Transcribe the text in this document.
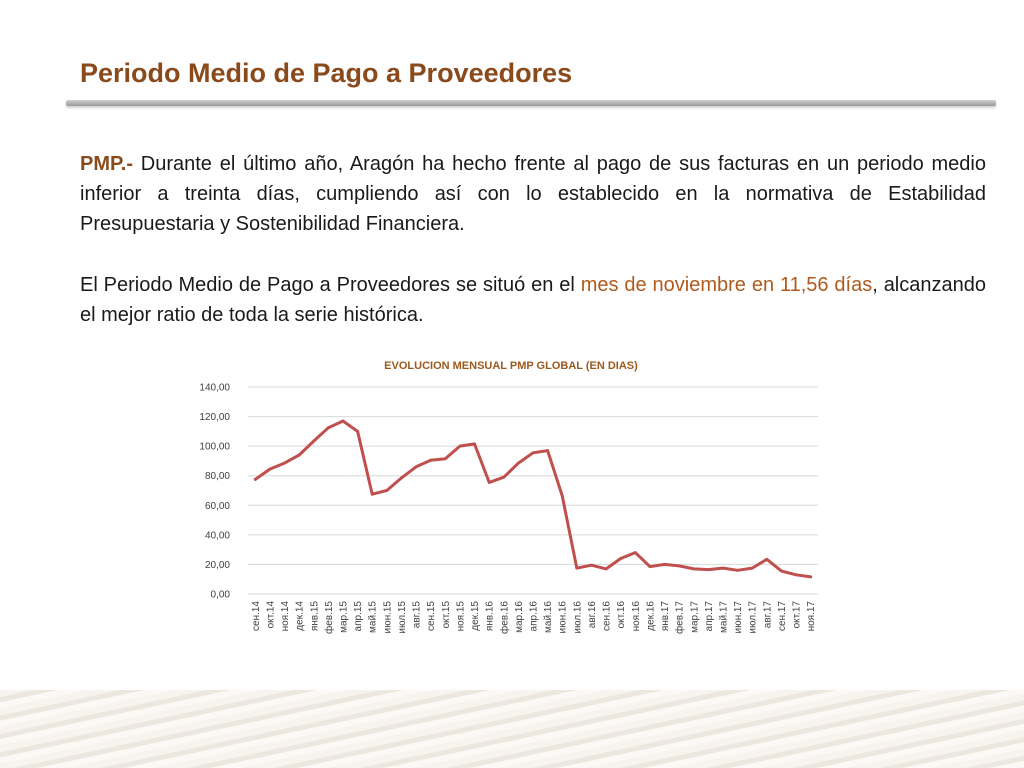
Periodo Medio de Pago a Proveedores
PMP.- Durante el último año, Aragón ha hecho frente al pago de sus facturas en un periodo medio inferior a treinta días, cumpliendo así con lo establecido en la normativa de Estabilidad Presupuestaria y Sostenibilidad Financiera.
El Periodo Medio de Pago a Proveedores se situó en el mes de noviembre en 11,56 días, alcanzando el mejor ratio de toda la serie histórica.
EVOLUCION MENSUAL PMP GLOBAL (EN DIAS)
0,00
20,00
40,00
60,00
80,00
100,00
120,00
140,00
сен.14 окт.14 ноя.14 дек.14 янв.15 фев.15 мар.15 апр.15 май.15 июн.15 июл.15 авг.15 сен.15 окт.15 ноя.15 дек.15 янв.16 фев.16 мар.16 апр.16 май.16 июн.16 июл.16 авг.16 сен.16 окт.16 ноя.16 дек.16 янв.17 фев.17 мар.17 апр.17 май.17 июн.17 июл.17 авг.17 сен.17 окт.17 ноя.17
